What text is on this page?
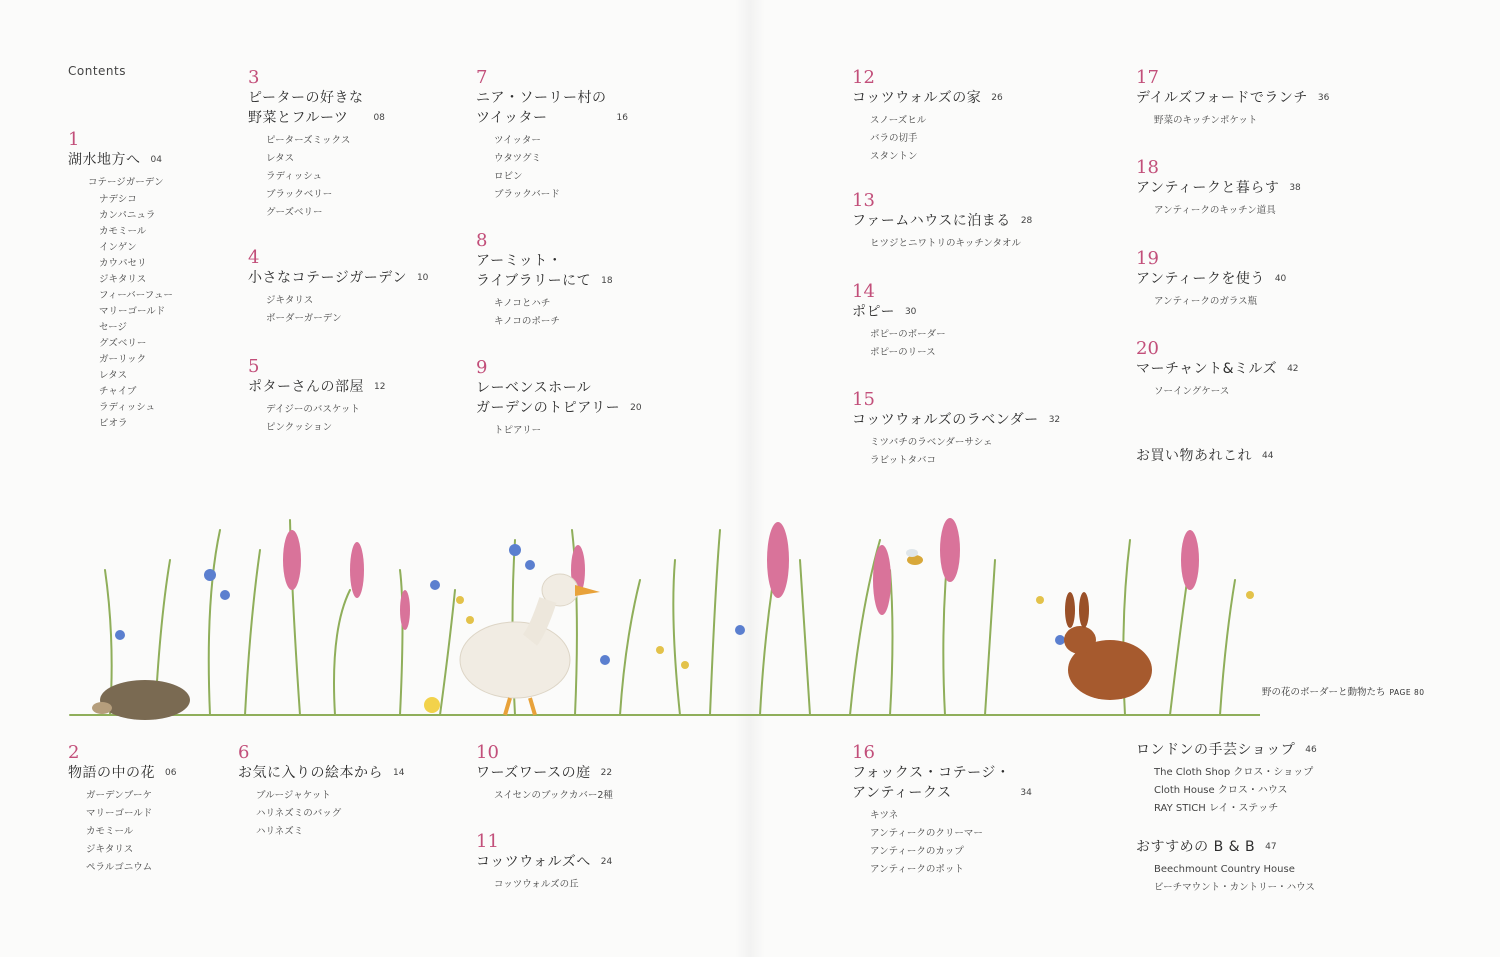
Contents
1
湖水地方へ 04
コテージガーデン
ナデシコ
カンパニュラ
カモミール
インゲン
カウパセリ
ジキタリス
フィーバーフュー
マリーゴールド
セージ
グズベリー
ガーリック
レタス
チャイブ
ラディッシュ
ビオラ
3
ピーターの好きな
野菜とフルーツ	08
ピーターズミックス
レタス
ラディッシュ
ブラックベリー
グーズベリー
4
小さなコテージガーデン 10
ジキタリス
ボーダーガーデン
5
ポターさんの部屋 12
デイジーのバスケット
ピンクッション
7
ニア・ソーリー村の
ツイッター	16
ツイッター
ウタツグミ
ロビン
ブラックバード
8
アーミット・
ライブラリーにて 18
キノコとハチ
キノコのポーチ
9
レーベンスホール
ガーデンのトピアリー 20
トピアリー
12
コッツウォルズの家 26
スノーズヒル
バラの切手
スタントン
13
ファームハウスに泊まる 28
ヒツジとニワトリのキッチンタオル
14
ポピー 30
ポピーのボーダー
ポピーのリース
15
コッツウォルズのラベンダー 32
ミツバチのラベンダーサシェ
ラビットタバコ
17
デイルズフォードでランチ 36
野菜のキッチンポケット
18
アンティークと暮らす 38
アンティークのキッチン道具
19
アンティークを使う 40
アンティークのガラス瓶
20
マーチャント&ミルズ 42
ソーイングケース
お買い物あれこれ 44
野の花のボーダーと動物たち PAGE 80
2
物語の中の花 06
ガーデンブーケ
マリーゴールド
カモミール
ジキタリス
ペラルゴニウム
6
お気に入りの絵本から 14
ブルージャケット
ハリネズミのバッグ
ハリネズミ
10
ワーズワースの庭 22
スイセンのブックカバー2種
11
コッツウォルズへ 24
コッツウォルズの丘
16
フォックス・コテージ・
アンティークス	34
キツネ
アンティークのクリーマー
アンティークのカップ
アンティークのポット
ロンドンの手芸ショップ 46
The Cloth Shop クロス・ショップ
Cloth House クロス・ハウス
RAY STICH レイ・ステッチ
おすすめの B & B 47
Beechmount Country House
ビーチマウント・カントリー・ハウス
